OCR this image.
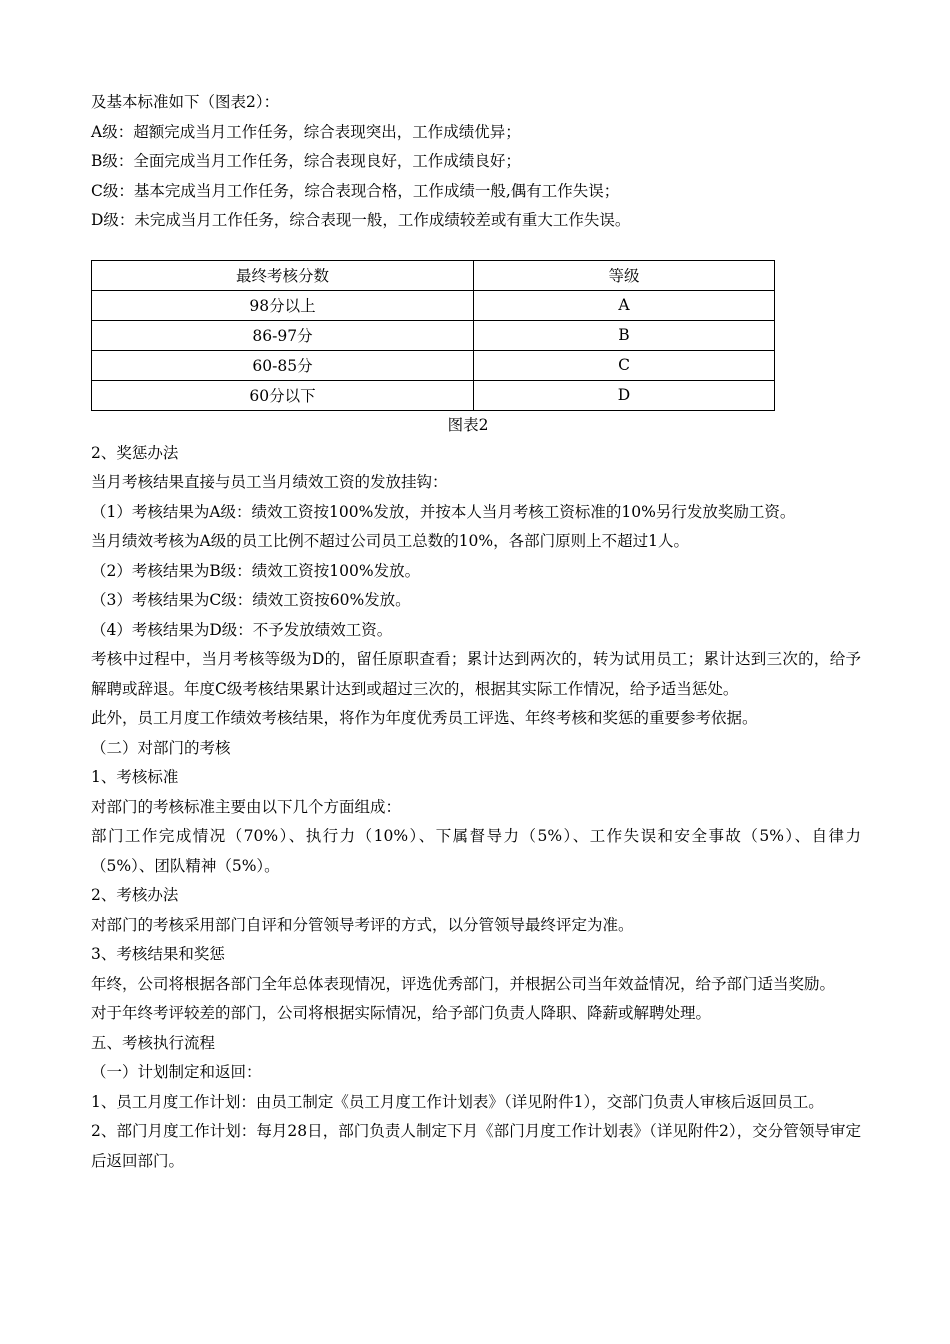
及基本标准如下（图表2）：
A级：超额完成当月工作任务，综合表现突出，工作成绩优异；
B级：全面完成当月工作任务，综合表现良好，工作成绩良好；
C级：基本完成当月工作任务，综合表现合格，工作成绩一般,偶有工作失误；
D级：未完成当月工作任务，综合表现一般，工作成绩较差或有重大工作失误。
最终考核分数	等级
98分以上	A
86-97分	B
60-85分	C
60分以下	D
图表2
2、奖惩办法
当月考核结果直接与员工当月绩效工资的发放挂钩：
（1）考核结果为A级：绩效工资按100%发放，并按本人当月考核工资标准的10%另行发放奖励工资。
当月绩效考核为A级的员工比例不超过公司员工总数的10%，各部门原则上不超过1人。
（2）考核结果为B级：绩效工资按100%发放。
（3）考核结果为C级：绩效工资按60%发放。
（4）考核结果为D级：不予发放绩效工资。
考核中过程中，当月考核等级为D的，留任原职查看；累计达到两次的，转为试用员工；累计达到三次的，给予解聘或辞退。年度C级考核结果累计达到或超过三次的，根据其实际工作情况，给予适当惩处。
此外，员工月度工作绩效考核结果，将作为年度优秀员工评选、年终考核和奖惩的重要参考依据。
（二）对部门的考核
1、考核标准
对部门的考核标准主要由以下几个方面组成：
部门工作完成情况（70%）、执行力（10%）、下属督导力（5%）、工作失误和安全事故（5%）、自律力（5%）、团队精神（5%）。
2、考核办法
对部门的考核采用部门自评和分管领导考评的方式，以分管领导最终评定为准。
3、考核结果和奖惩
年终，公司将根据各部门全年总体表现情况，评选优秀部门，并根据公司当年效益情况，给予部门适当奖励。
对于年终考评较差的部门，公司将根据实际情况，给予部门负责人降职、降薪或解聘处理。
五、考核执行流程
（一）计划制定和返回：
1、员工月度工作计划：由员工制定《员工月度工作计划表》（详见附件1），交部门负责人审核后返回员工。
2、部门月度工作计划：每月28日，部门负责人制定下月《部门月度工作计划表》（详见附件2），交分管领导审定后返回部门。
